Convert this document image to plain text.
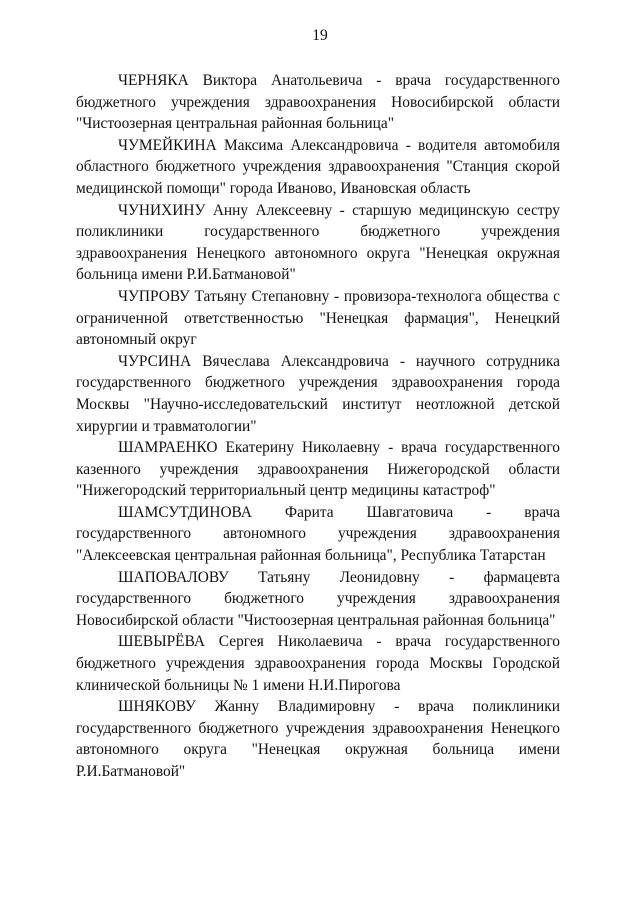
19

ЧЕРНЯКА Виктора Анатольевича - врача государственного бюджетного учреждения здравоохранения Новосибирской области "Чистоозерная центральная районная больница"

ЧУМЕЙКИНА Максима Александровича - водителя автомобиля областного бюджетного учреждения здравоохранения "Станция скорой медицинской помощи" города Иваново, Ивановская область

ЧУНИХИНУ Анну Алексеевну - старшую медицинскую сестру поликлиники государственного бюджетного учреждения здравоохранения Ненецкого автономного округа "Ненецкая окружная больница имени Р.И.Батмановой"

ЧУПРОВУ Татьяну Степановну - провизора-технолога общества с ограниченной ответственностью "Ненецкая фармация", Ненецкий автономный округ

ЧУРСИНА Вячеслава Александровича - научного сотрудника государственного бюджетного учреждения здравоохранения города Москвы "Научно-исследовательский институт неотложной детской хирургии и травматологии"

ШАМРАЕНКО Екатерину Николаевну - врача государственного казенного учреждения здравоохранения Нижегородской области "Нижегородский территориальный центр медицины катастроф"

ШАМСУТДИНОВА Фарита Шавгатовича - врача государственного автономного учреждения здравоохранения "Алексеевская центральная районная больница", Республика Татарстан

ШАПОВАЛОВУ Татьяну Леонидовну - фармацевта государственного бюджетного учреждения здравоохранения Новосибирской области "Чистоозерная центральная районная больница"

ШЕВЫРЁВА Сергея Николаевича - врача государственного бюджетного учреждения здравоохранения города Москвы Городской клинической больницы № 1 имени Н.И.Пирогова

ШНЯКОВУ Жанну Владимировну - врача поликлиники государственного бюджетного учреждения здравоохранения Ненецкого автономного округа "Ненецкая окружная больница имени Р.И.Батмановой"
